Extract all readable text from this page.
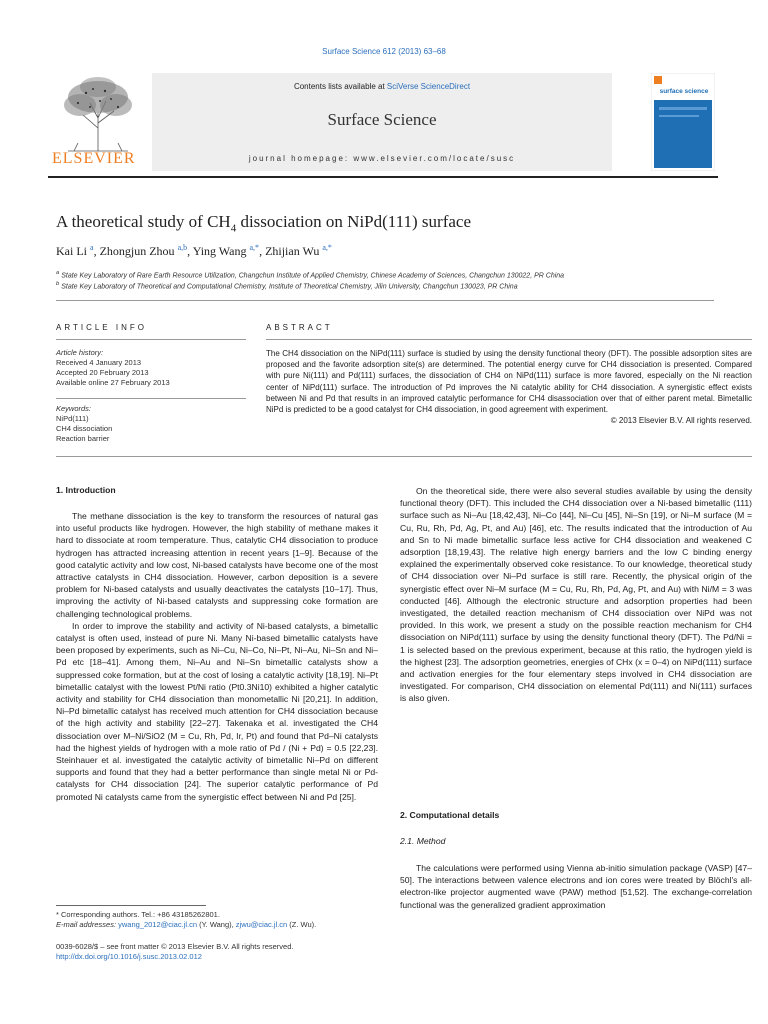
Surface Science 612 (2013) 63–68
Contents lists available at SciVerse ScienceDirect
Surface Science
journal homepage: www.elsevier.com/locate/susc
ELSEVIER
surface science
A theoretical study of $CH_4$ dissociation on NiPd(111) surface
Kai Li $^a$, Zhongjun Zhou $^{a,b}$, Ying Wang $^{a,*}$, Zhijian Wu $^{a,*}$
$^a$ State Key Laboratory of Rare Earth Resource Utilization, Changchun Institute of Applied Chemistry, Chinese Academy of Sciences, Changchun 130022, PR China
$^b$ State Key Laboratory of Theoretical and Computational Chemistry, Institute of Theoretical Chemistry, Jilin University, Changchun 130023, PR China
ARTICLE INFO
Article history:
Received 4 January 2013
Accepted 20 February 2013
Available online 27 February 2013
Keywords:
NiPd(111)
CH4 dissociation
Reaction barrier
ABSTRACT

The CH4 dissociation on the NiPd(111) surface is studied by using the density functional theory (DFT). The possible adsorption sites are proposed and the favorite adsorption site(s) are determined. The potential energy curve for CH4 dissociation is presented. Compared with pure Ni(111) and Pd(111) surfaces, the dissociation of CH4 on NiPd(111) surface is more favored, especially on the Ni reaction center of NiPd(111) surface. The introduction of Pd improves the Ni catalytic ability for CH4 dissociation. A synergistic effect exists between Ni and Pd that results in an improved catalytic performance for CH4 disassociation over that of either parent metal. Bimetallic NiPd is predicted to be a good catalyst for CH4 dissociation, in good agreement with experiment.

© 2013 Elsevier B.V. All rights reserved.

1. Introduction

The methane dissociation is the key to transform the resources of natural gas into useful products like hydrogen. However, the high stability of methane makes it hard to dissociate at room temperature. Thus, catalytic CH4 dissociation to produce hydrogen has attracted increasing attention in recent years [1–9]. Because of the good catalytic activity and low cost, Ni-based catalysts have become one of the most attractive catalysts in CH4 dissociation. However, carbon deposition is a severe problem for Ni-based catalysts and usually deactivates the catalysts [10–17]. Thus, improving the activity of Ni-based catalysts and suppressing coke formation are challenging technological problems.

In order to improve the stability and activity of Ni-based catalysts, a bimetallic catalyst is often used, instead of pure Ni. Many Ni-based bimetallic catalysts have been proposed by experiments, such as Ni–Cu, Ni–Co, Ni–Pt, Ni–Au, Ni–Sn and Ni–Pd etc [18–41]. Among them, Ni–Au and Ni–Sn bimetallic catalysts show a suppressed coke formation, but at the cost of losing a catalytic activity [18,19]. Ni–Pt bimetallic catalyst with the lowest Pt/Ni ratio (Pt0.3Ni10) exhibited a higher catalytic activity and stability for CH4 dissociation than monometallic Ni [20,21]. In addition, Ni–Pd bimetallic catalyst has received much attention for CH4 dissociation because of the high activity and stability [22–27]. Takenaka et al. investigated the CH4 dissociation over M–Ni/SiO2 (M = Cu, Rh, Pd, Ir, Pt) and found that Pd–Ni catalysts had the highest yields of hydrogen with a mole ratio of Pd / (Ni + Pd) = 0.5 [22,23]. Steinhauer et al. investigated the catalytic activity of bimetallic Ni–Pd on different supports and found that they had a better performance than single metal Ni or Pd-catalysts for CH4 dissociation [24]. The superior catalytic performance of Pd promoted Ni catalysts came from the synergistic effect between Ni and Pd [25].

On the theoretical side, there were also several studies available by using the density functional theory (DFT). This included the CH4 dissociation over a Ni-based bimetallic (111) surface such as Ni–Au [18,42,43], Ni–Co [44], Ni–Cu [45], Ni–Sn [19], or Ni–M surface (M = Cu, Ru, Rh, Pd, Ag, Pt, and Au) [46], etc. The results indicated that the introduction of Au and Sn to Ni made bimetallic surface less active for CH4 dissociation and weakened C adsorption [18,19,43]. The relative high energy barriers and the low C binding energy explained the experimentally observed coke resistance. To our knowledge, theoretical study of CH4 dissociation over Ni–Pd surface is still rare. Recently, the physical origin of the synergistic effect over Ni–M surface (M = Cu, Ru, Rh, Pd, Ag, Pt, and Au) with Ni/M = 3 was conducted [46]. Although the electronic structure and adsorption properties had been investigated, the detailed reaction mechanism of CH4 dissociation over NiPd was not provided. In this work, we present a study on the possible reaction mechanism for CH4 dissociation on NiPd(111) surface by using the density functional theory (DFT). The Pd/Ni = 1 is selected based on the previous experiment, because at this ratio, the hydrogen yield is the highest [23]. The adsorption geometries, energies of CHx (x = 0–4) on NiPd(111) surface and activation energies for the four elementary steps involved in CH4 dissociation are investigated. For comparison, CH4 dissociation on elemental Pd(111) and Ni(111) surfaces is also given.

2. Computational details
2.1. Method

The calculations were performed using Vienna ab-initio simulation package (VASP) [47–50]. The interactions between valence electrons and ion cores were treated by Blöchl's all-electron-like projector augmented wave (PAW) method [51,52]. The exchange-correlation functional was the generalized gradient approximation

* Corresponding authors. Tel.: +86 43185262801.
E-mail addresses: ywang_2012@ciac.jl.cn (Y. Wang), zjwu@ciac.jl.cn (Z. Wu).
0039-6028/$ – see front matter © 2013 Elsevier B.V. All rights reserved.
http://dx.doi.org/10.1016/j.susc.2013.02.012
